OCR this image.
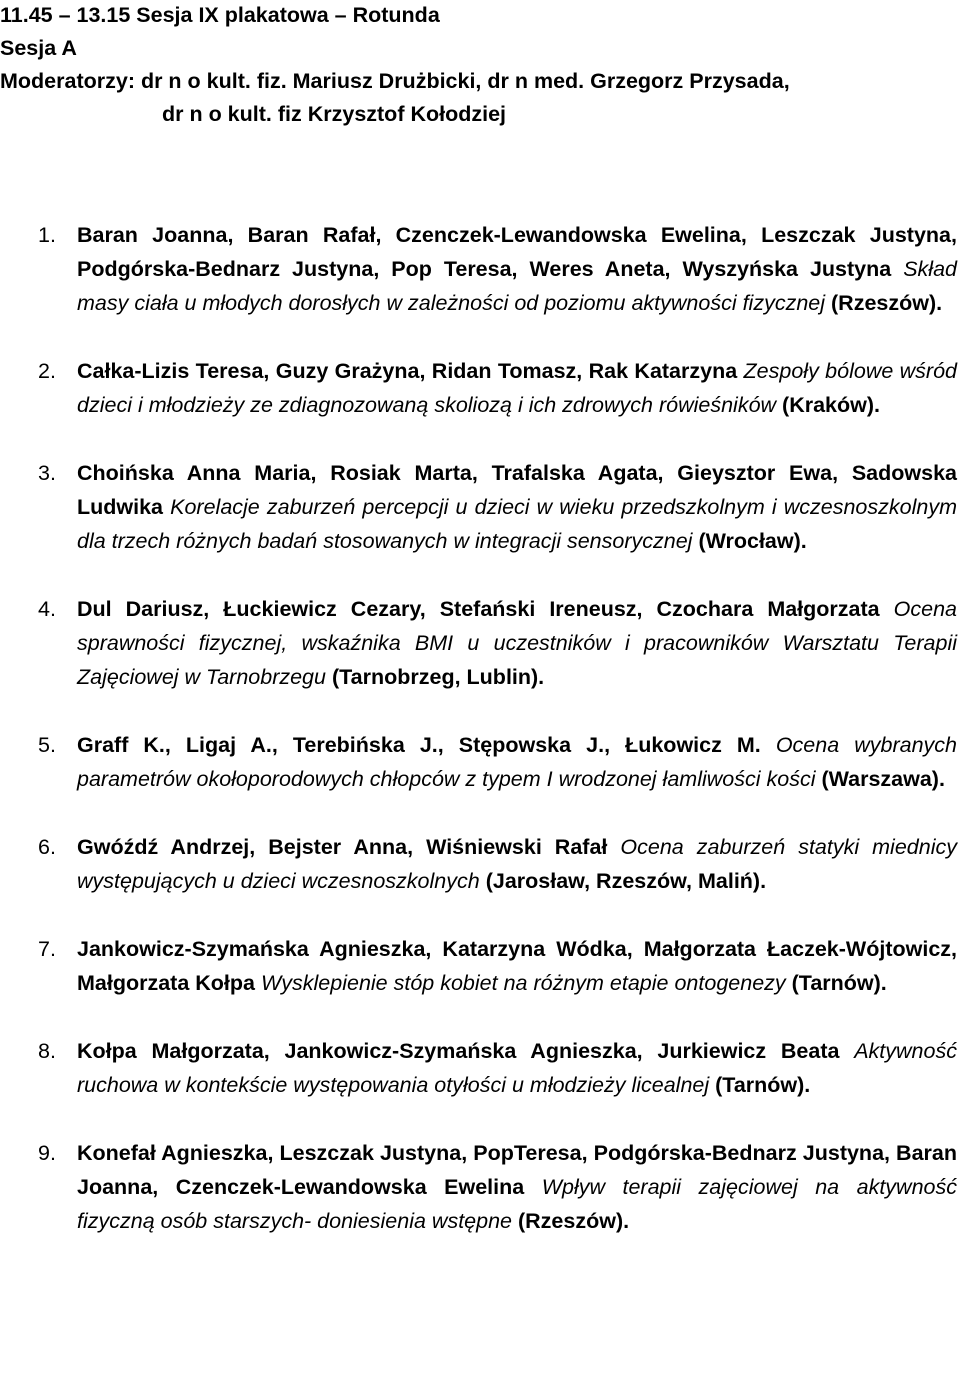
11.45 – 13.15 Sesja IX plakatowa – Rotunda
Sesja A
Moderatorzy: dr n o kult. fiz. Mariusz Drużbicki, dr n med. Grzegorz Przysada,
dr n o kult. fiz Krzysztof Kołodziej
1. Baran Joanna, Baran Rafał, Czenczek-Lewandowska Ewelina, Leszczak Justyna, Podgórska-Bednarz Justyna, Pop Teresa, Weres Aneta, Wyszyńska Justyna Skład masy ciała u młodych dorosłych w zależności od poziomu aktywności fizycznej (Rzeszów).
2. Całka-Lizis Teresa, Guzy Grażyna, Ridan Tomasz, Rak Katarzyna Zespoły bólowe wśród dzieci i młodzieży ze zdiagnozowaną skoliozą i ich zdrowych rówieśników (Kraków).
3. Choińska Anna Maria, Rosiak Marta, Trafalska Agata, Gieysztor Ewa, Sadowska Ludwika Korelacje zaburzeń percepcji u dzieci w wieku przedszkolnym i wczesnoszkolnym dla trzech różnych badań stosowanych w integracji sensorycznej (Wrocław).
4. Dul Dariusz, Łuckiewicz Cezary, Stefański Ireneusz, Czochara Małgorzata Ocena sprawności fizycznej, wskaźnika BMI u uczestników i pracowników Warsztatu Terapii Zajęciowej w Tarnobrzegu (Tarnobrzeg, Lublin).
5. Graff K., Ligaj A., Terebińska J., Stępowska J., Łukowicz M. Ocena wybranych parametrów okołoporodowych chłopców z typem I wrodzonej łamliwości kości (Warszawa).
6. Gwóźdź Andrzej, Bejster Anna, Wiśniewski Rafał Ocena zaburzeń statyki miednicy występujących u dzieci wczesnoszkolnych (Jarosław, Rzeszów, Maliń).
7. Jankowicz-Szymańska Agnieszka, Katarzyna Wódka, Małgorzata Łaczek-Wójtowicz, Małgorzata Kołpa Wysklepienie stóp kobiet na różnym etapie ontogenezy (Tarnów).
8. Kołpa Małgorzata, Jankowicz-Szymańska Agnieszka, Jurkiewicz Beata Aktywność ruchowa w kontekście występowania otyłości u młodzieży licealnej (Tarnów).
9. Konefał Agnieszka, Leszczak Justyna, PopTeresa, Podgórska-Bednarz Justyna, Baran Joanna, Czenczek-Lewandowska Ewelina Wpływ terapii zajęciowej na aktywność fizyczną osób starszych- doniesienia wstępne (Rzeszów).
